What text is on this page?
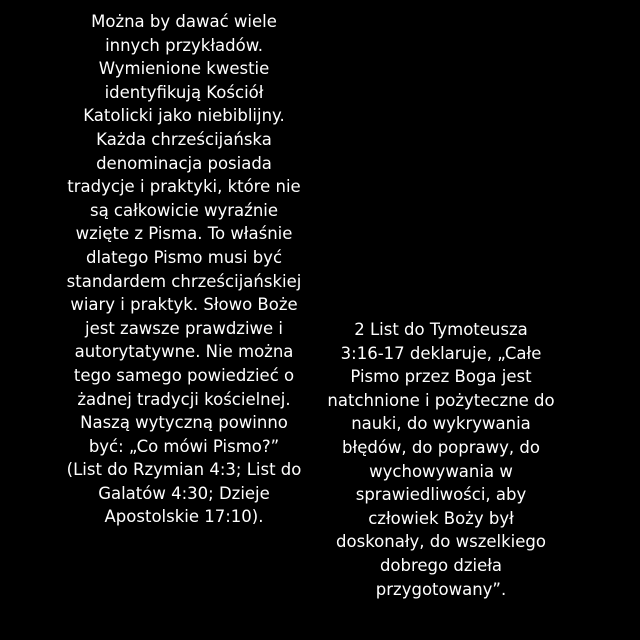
Można by dawać wiele
innych przykładów.
Wymienione kwestie
identyfikują Kościół
Katolicki jako niebiblijny.
Każda chrześcijańska
denominacja posiada
tradycje i praktyki, które nie
są całkowicie wyraźnie
wzięte z Pisma. To właśnie
dlatego Pismo musi być
standardem chrześcijańskiej
wiary i praktyk. Słowo Boże
jest zawsze prawdziwe i
autorytatywne. Nie można
tego samego powiedzieć o
żadnej tradycji kościelnej.
Naszą wytyczną powinno
być: „Co mówi Pismo?”
(List do Rzymian 4:3; List do
Galatów 4:30; Dzieje
Apostolskie 17:10).
2 List do Tymoteusza
3:16-17 deklaruje, „Całe
Pismo przez Boga jest
natchnione i pożyteczne do
nauki, do wykrywania
błędów, do poprawy, do
wychowywania w
sprawiedliwości, aby
człowiek Boży był
doskonały, do wszelkiego
dobrego dzieła
przygotowany”.
